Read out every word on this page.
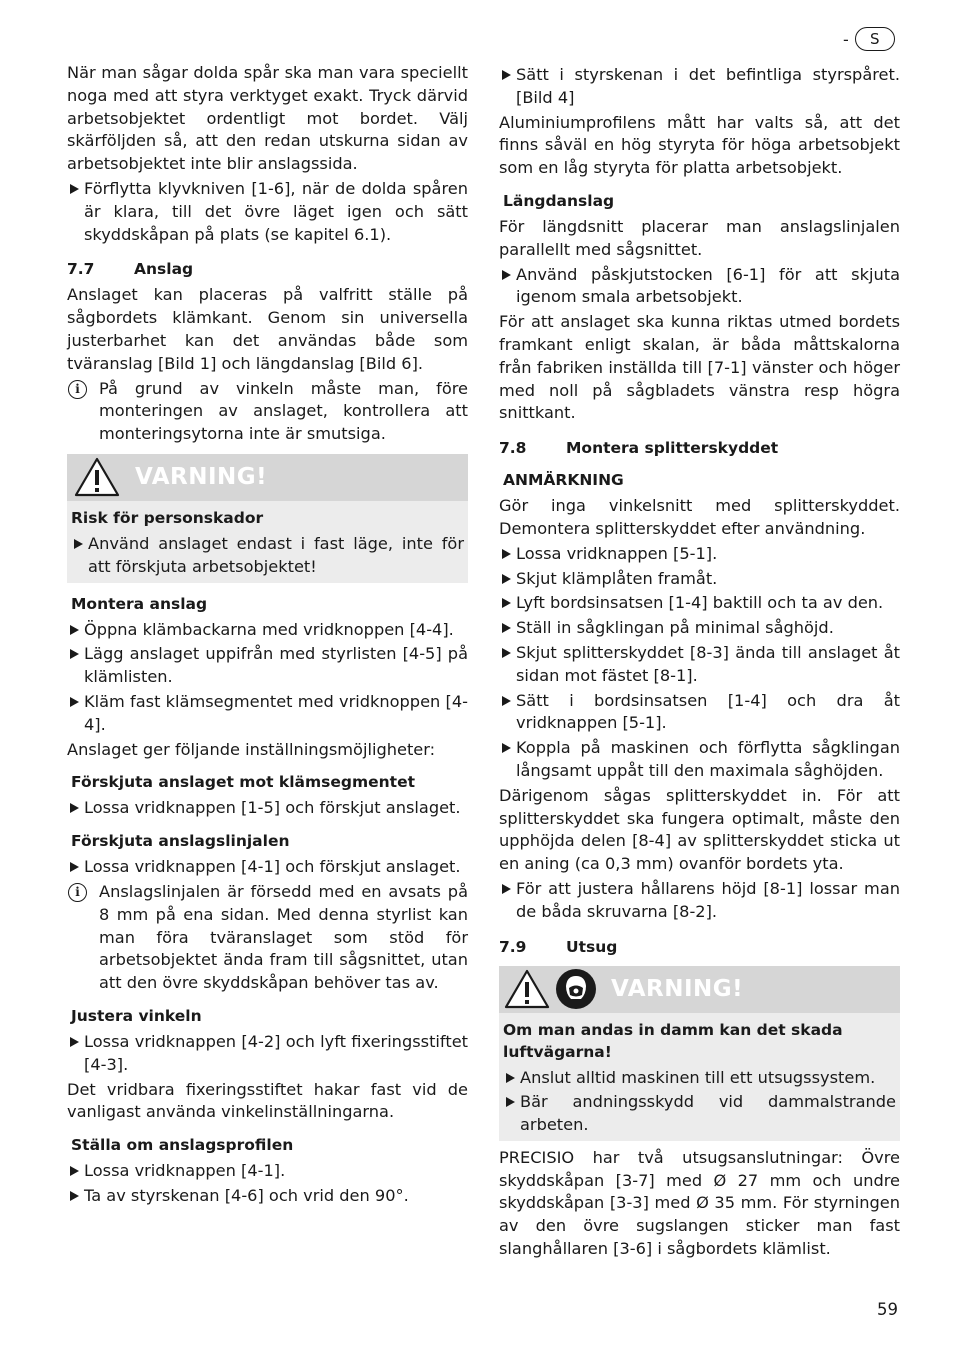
-	S

När man sågar dolda spår ska man vara speciellt noga med att styra verktyget exakt. Tryck därvid arbetsobjektet ordentligt mot bordet. Välj skärföljden så, att den redan utskurna sidan av arbetsobjektet inte blir anslagssida.

Förflytta klyvkniven [1-6], när de dolda spåren är klara, till det övre läget igen och sätt skyddskåpan på plats (se kapitel 6.1).
7.7	Anslag

Anslaget kan placeras på valfritt ställe på sågbordets klämkant. Genom sin universella justerbarhet kan det användas både som tväranslag [Bild 1] och längdanslag [Bild 6].

i	På grund av vinkeln måste man, före monteringen av anslaget, kontrollera att monteringsytorna inte är smutsiga.
VARNING!
Risk för personskador
Använd anslaget endast i fast läge, inte för att förskjuta arbetsobjektet!
Montera anslag
Öppna klämbackarna med vridknoppen [4-4].
Lägg anslaget uppifrån med styrlisten [4-5] på klämlisten.
Kläm fast klämsegmentet med vridknoppen [4-4].

Anslaget ger följande inställningsmöjligheter:

Förskjuta anslaget mot klämsegmentet
Lossa vridknappen [1-5] och förskjut anslaget.
Förskjuta anslagslinjalen
Lossa vridknappen [4-1] och förskjut anslaget.
i	Anslagslinjalen är försedd med en avsats på 8 mm på ena sidan. Med denna styrlist kan man föra tväranslaget som stöd för arbetsobjektet ända fram till sågsnittet, utan att den övre skyddskåpan behöver tas av.
Justera vinkeln
Lossa vridknappen [4-2] och lyft fixeringsstiftet [4-3].

Det vridbara fixeringsstiftet hakar fast vid de vanligast använda vinkelinställningarna.

Ställa om anslagsprofilen
Lossa vridknappen [4-1].
Ta av styrskenan [4-6] och vrid den 90°.
Sätt i styrskenan i det befintliga styrspåret. [Bild 4]

Aluminiumprofilens mått har valts så, att det finns såväl en hög styryta för höga arbetsobjekt som en låg styryta för platta arbetsobjekt.

Längdanslag

För längdsnitt placerar man anslagslinjalen parallellt med sågsnittet.

Använd påskjutstocken [6-1] för att skjuta igenom smala arbetsobjekt.

För att anslaget ska kunna riktas utmed bordets framkant enligt skalan, är båda måttskalorna från fabriken inställda till [7-1] vänster och höger med noll på sågbladets vänstra resp högra snittkant.

7.8	Montera splitterskyddet
ANMÄRKNING

Gör inga vinkelsnitt med splitterskyddet. Demontera splitterskyddet efter användning.

Lossa vridknappen [5-1].
Skjut klämplåten framåt.
Lyft bordsinsatsen [1-4] baktill och ta av den.
Ställ in sågklingan på minimal såghöjd.
Skjut splitterskyddet [8-3] ända till anslaget åt sidan mot fästet [8-1].
Sätt i bordsinsatsen [1-4] och dra åt vridknappen [5-1].
Koppla på maskinen och förflytta sågklingan långsamt uppåt till den maximala såghöjden.

Därigenom sågas splitterskyddet in. För att splitterskyddet ska fungera optimalt, måste den upphöjda delen [8-4] av splitterskyddet sticka ut en aning (ca 0,3 mm) ovanför bordets yta.

För att justera hållarens höjd [8-1] lossar man de båda skruvarna [8-2].
7.9	Utsug
VARNING!
Om man andas in damm kan det skada luftvägarna!
Anslut alltid maskinen till ett utsugssystem.
Bär andningsskydd vid dammalstrande arbeten.

PRECISIO har två utsugsanslutningar: Övre skyddskåpan [3-7] med Ø 27 mm och undre skyddskåpan [3-3] med Ø 35 mm. För styrningen av den övre sugslangen sticker man fast slanghållaren [3-6] i sågbordets klämlist.

59
